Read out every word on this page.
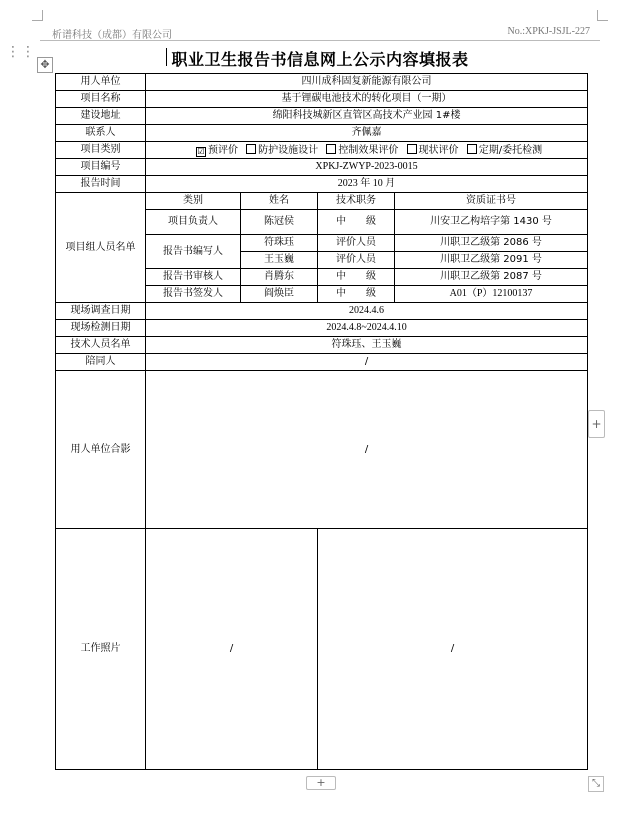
析谱科技（成都）有限公司	No.:XPKJ-JSJL-227
⋮⋮
✥	职业卫生报告书信息网上公示内容填报表
用人单位	四川成科固复新能源有限公司			
项目名称	基于锂碳电池技术的转化项目（一期）			
建设地址	绵阳科技城新区直管区高技术产业园 1#楼			
联系人	齐佩嘉			
项目类别	☑ 预评价 防护设施设计 控制效果评价 现状评价 定期/委托检测			
项目编号	XPKJ-ZWYP-2023-0015			
报告时间	2023 年 10 月			
项目组人员名单	类别	姓名	技术职务	资质证书号
	项目负责人	陈冠侯	中　　级	川安卫乙构培字第 1430 号
	报告书编写人	符珠珏	评价人员	川职卫乙级第 2086 号
		王玉巍	评价人员	川职卫乙级第 2091 号
	报告书审核人	肖腾东	中　　级	川职卫乙级第 2087 号
	报告书签发人	阎焕臣	中　　级	A01（P）12100137
现场调查日期	2024.4.6			
现场检测日期	2024.4.8~2024.4.10			
技术人员名单	符珠珏、王玉巍			
陪同人	/			
用人单位合影	/			
工作照片	/		/	
+
+	⤡
